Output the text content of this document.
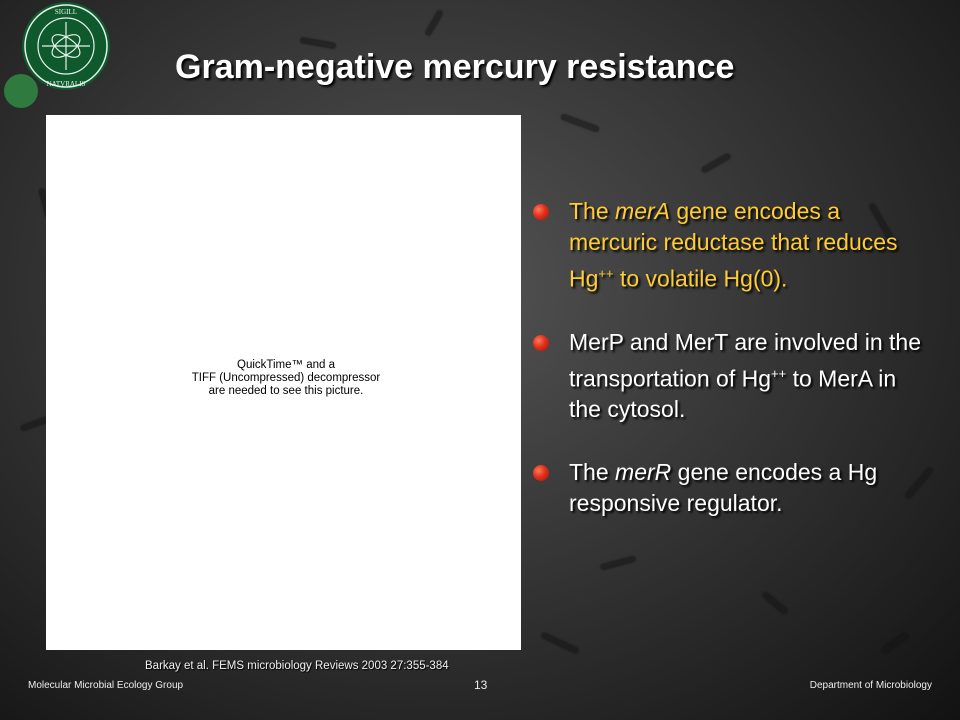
SIGILL
NATVRALIS	Gram-negative mercury resistance
QuickTime™ and a
TIFF (Uncompressed) decompressor
are needed to see this picture.
The merA gene encodes a mercuric reductase that reduces Hg++ to volatile Hg(0).
MerP and MerT are involved in the transportation of Hg++ to MerA in the cytosol.
The merR gene encodes a Hg responsive regulator.
Barkay et al. FEMS microbiology Reviews 2003 27:355-384
Molecular Microbial Ecology Group	13	Department of Microbiology
